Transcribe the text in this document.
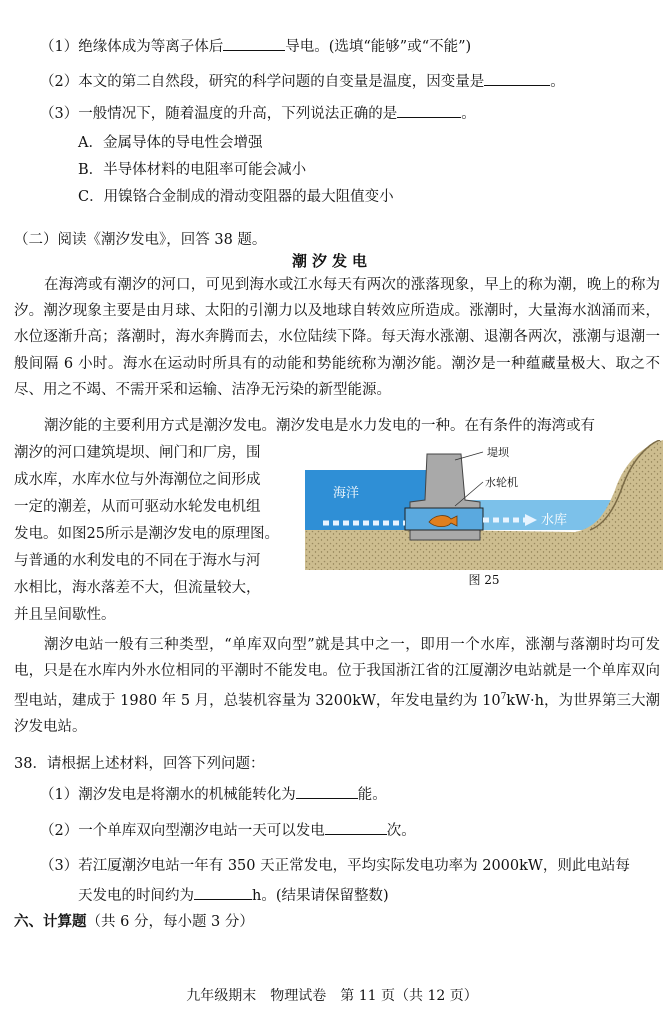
（1）绝缘体成为等离子体后	导电。(选填“能够”或“不能”)
（2）本文的第二自然段，研究的科学问题的自变量是温度，因变量是	。
（3）一般情况下，随着温度的升高，下列说法正确的是	。
A．金属导体的导电性会增强
B．半导体材料的电阻率可能会减小
C．用镍铬合金制成的滑动变阻器的最大阻值变小
（二）阅读《潮汐发电》，回答 38 题。
潮汐发电
在海湾或有潮汐的河口，可见到海水或江水每天有两次的涨落现象，早上的称为潮，晚上的称为汐。潮汐现象主要是由月球、太阳的引潮力以及地球自转效应所造成。涨潮时，大量海水汹涌而来，水位逐渐升高；落潮时，海水奔腾而去，水位陆续下降。每天海水涨潮、退潮各两次，涨潮与退潮一般间隔 6 小时。海水在运动时所具有的动能和势能统称为潮汐能。潮汐是一种蕴藏量极大、取之不尽、用之不竭、不需开采和运输、洁净无污染的新型能源。
潮汐能的主要利用方式是潮汐发电。潮汐发电是水力发电的一种。在有条件的海湾或有
潮汐的河口建筑堤坝、闸门和厂房，围
成水库，水库水位与外海潮位之间形成
一定的潮差，从而可驱动水轮发电机组
发电。如图25所示是潮汐发电的原理图。
与普通的水利发电的不同在于海水与河
水相比，海水落差不大，但流量较大，
并且呈间歇性。
堤坝
水轮机
海洋
水库
图 25
潮汐电站一般有三种类型，“单库双向型”就是其中之一，即用一个水库，涨潮与落潮时均可发电，只是在水库内外水位相同的平潮时不能发电。位于我国浙江省的江厦潮汐电站就是一个单库双向型电站，建成于 1980 年 5 月，总装机容量为 3200kW，年发电量约为 $10^7kW\cdot h$，为世界第三大潮汐发电站。
38．请根据上述材料，回答下列问题：
（1）潮汐发电是将潮水的机械能转化为	能。
（2）一个单库双向型潮汐电站一天可以发电	次。
（3）若江厦潮汐电站一年有 350 天正常发电，平均实际发电功率为 2000kW，则此电站每
天发电的时间约为	h。(结果请保留整数)
六、计算题（共 6 分，每小题 3 分）
九年级期末　物理试卷　第 11 页（共 12 页）
